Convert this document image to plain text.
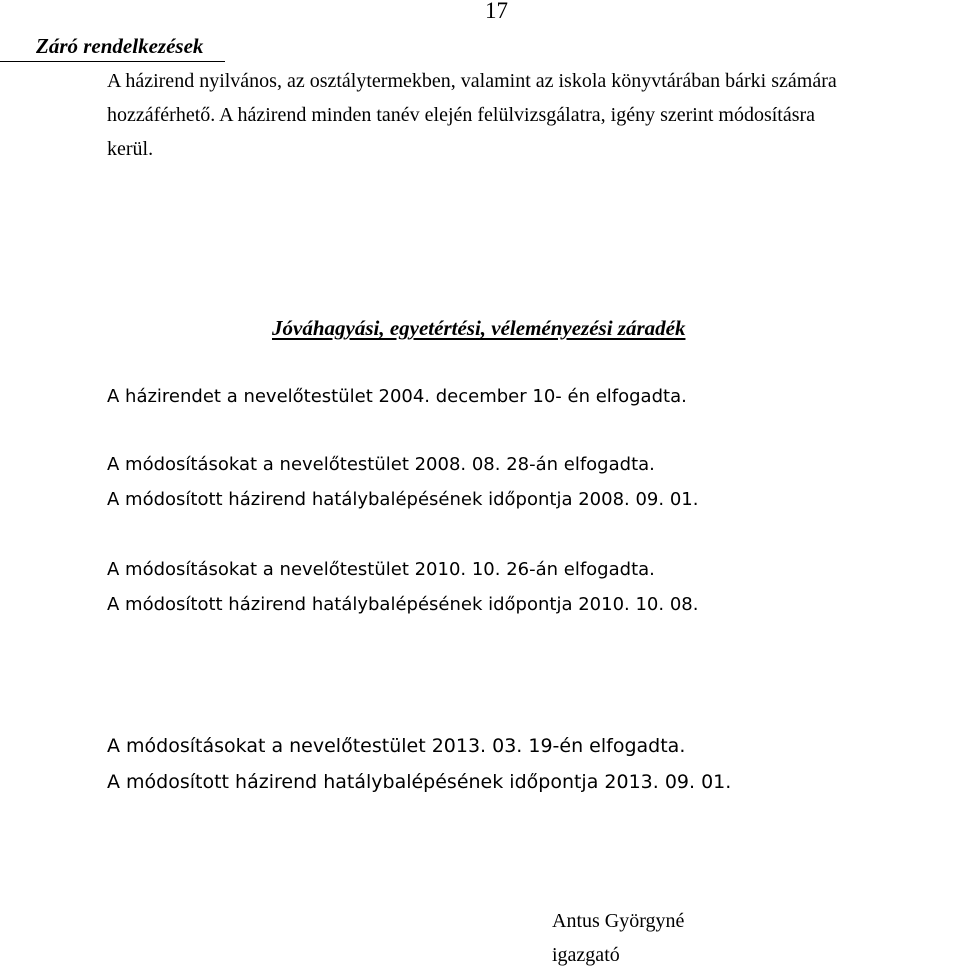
17
Záró rendelkezések
A házirend nyilvános, az osztálytermekben, valamint az iskola könyvtárában bárki számára
hozzáférhető. A házirend minden tanév elején felülvizsgálatra, igény szerint módosításra
kerül.
Jóváhagyási, egyetértési, véleményezési záradék
A házirendet a nevelőtestület 2004. december 10- én elfogadta.
A módosításokat a nevelőtestület 2008. 08. 28-án elfogadta.
A módosított házirend hatálybalépésének időpontja 2008. 09. 01.
A módosításokat a nevelőtestület 2010. 10. 26-án elfogadta.
A módosított házirend hatálybalépésének időpontja 2010. 10. 08.
A módosításokat a nevelőtestület 2013. 03. 19-én elfogadta.
A módosított házirend hatálybalépésének időpontja 2013. 09. 01.
Antus Györgyné
igazgató
